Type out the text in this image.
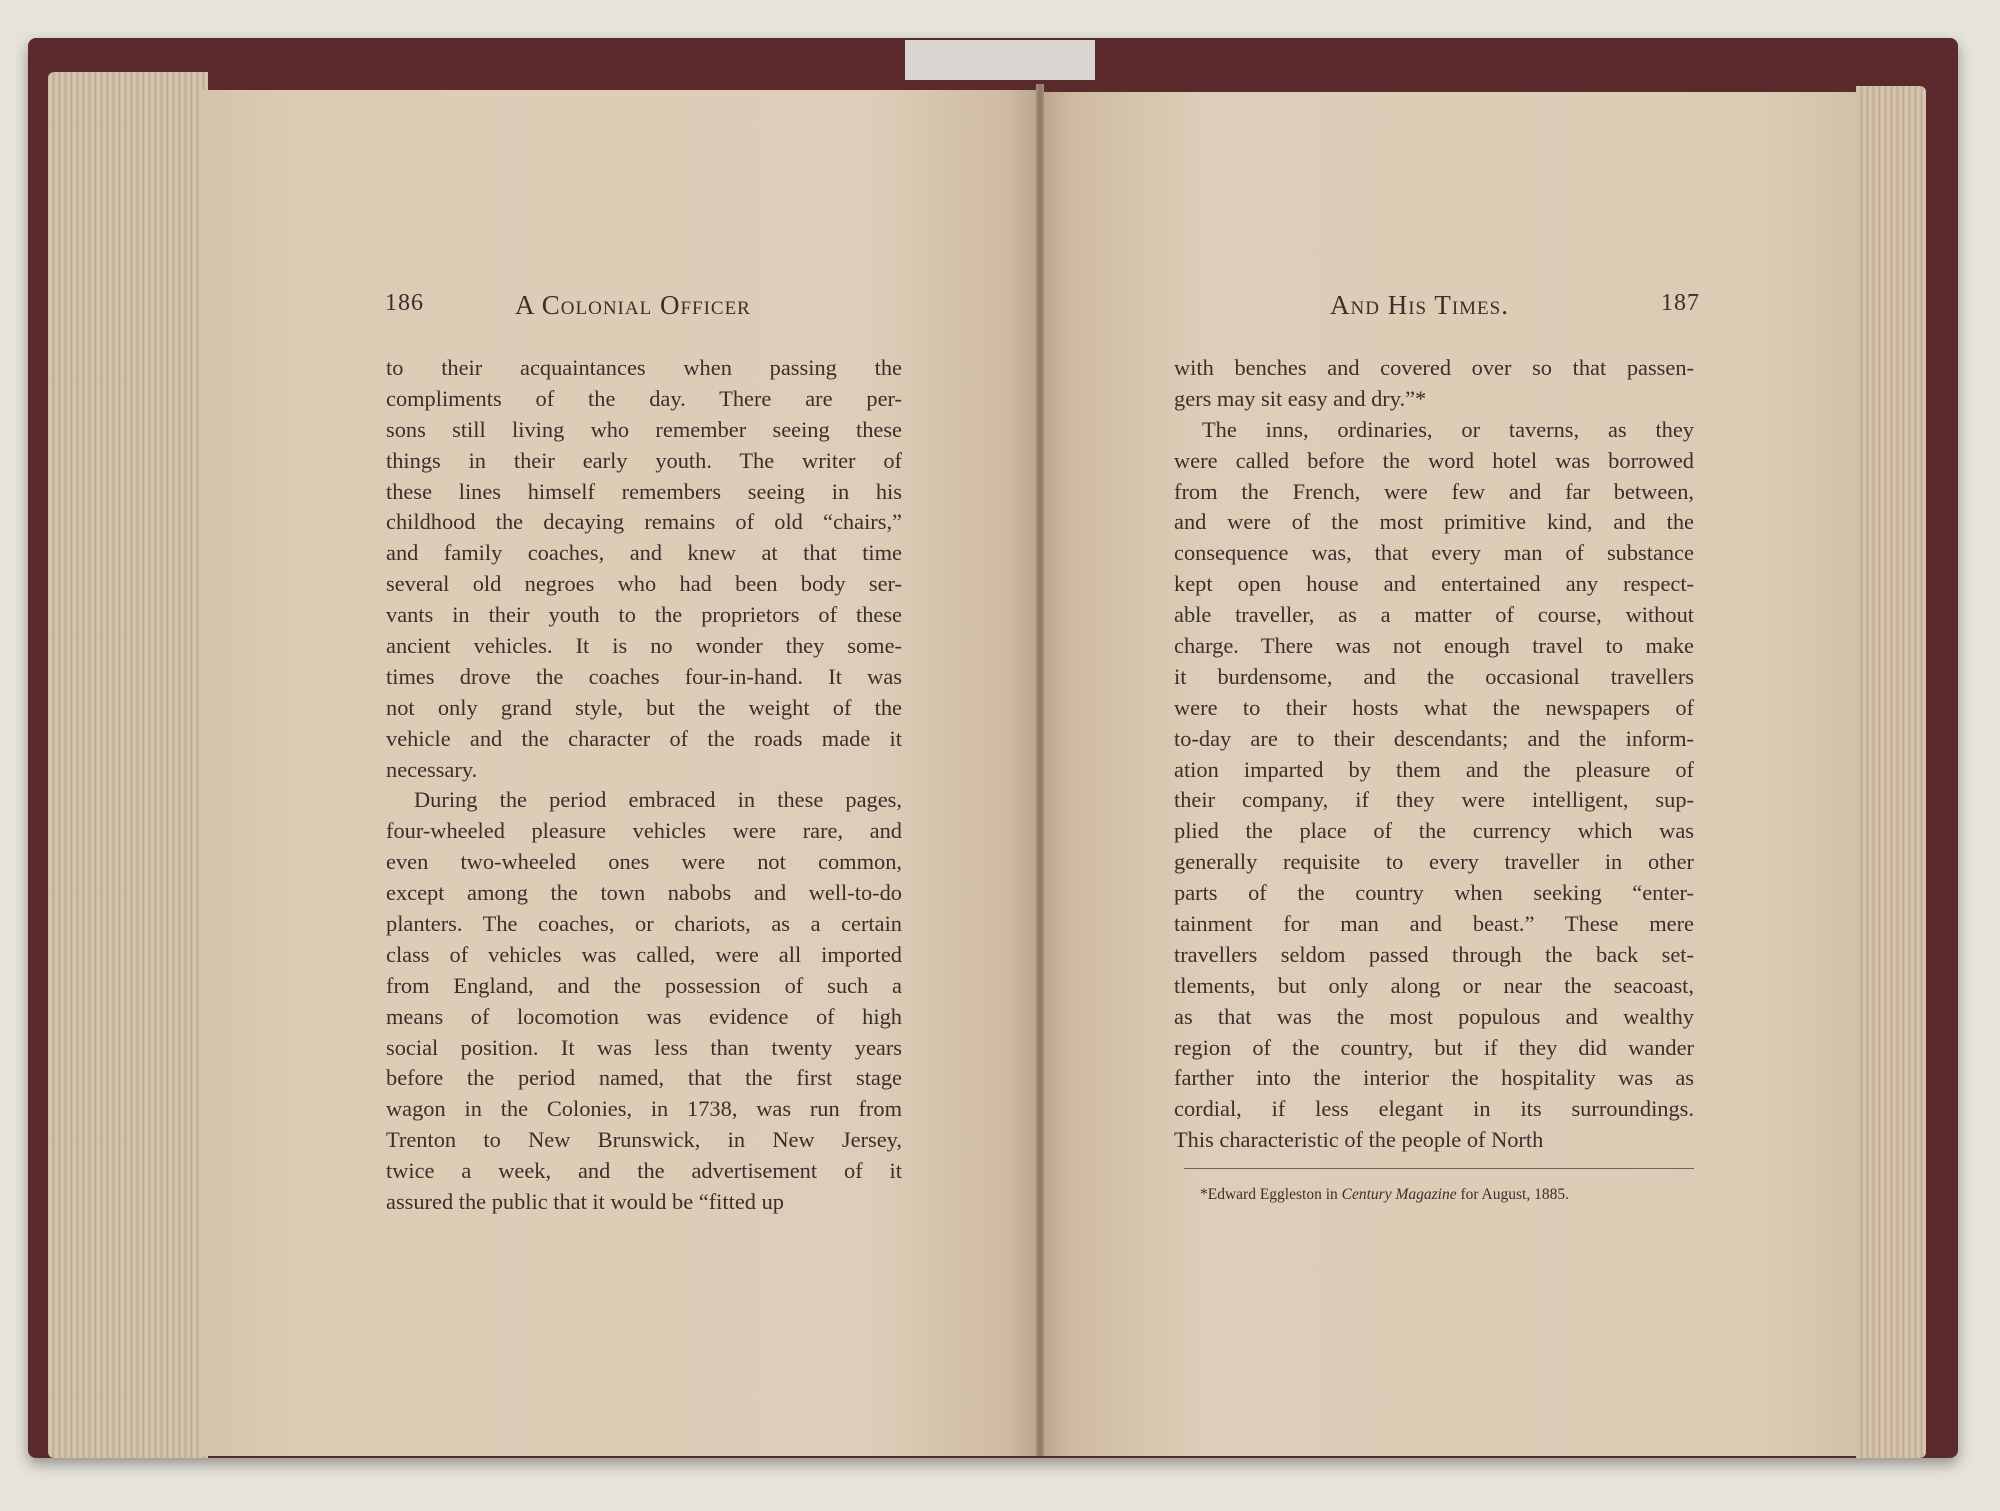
186	A Colonial Officer	And His Times.	187
to their acquaintances when passing the
compliments of the day. There are per-
sons still living who remember seeing these
things in their early youth. The writer of
these lines himself remembers seeing in his
childhood the decaying remains of old “chairs,”
and family coaches, and knew at that time
several old negroes who had been body ser-
vants in their youth to the proprietors of these
ancient vehicles. It is no wonder they some-
times drove the coaches four-in-hand. It was
not only grand style, but the weight of the
vehicle and the character of the roads made it
necessary.
During the period embraced in these pages,
four-wheeled pleasure vehicles were rare, and
even two-wheeled ones were not common,
except among the town nabobs and well-to-do
planters. The coaches, or chariots, as a certain
class of vehicles was called, were all imported
from England, and the possession of such a
means of locomotion was evidence of high
social position. It was less than twenty years
before the period named, that the first stage
wagon in the Colonies, in 1738, was run from
Trenton to New Brunswick, in New Jersey,
twice a week, and the advertisement of it
assured the public that it would be “fitted up
with benches and covered over so that passen-
gers may sit easy and dry.”*
The inns, ordinaries, or taverns, as they
were called before the word hotel was borrowed
from the French, were few and far between,
and were of the most primitive kind, and the
consequence was, that every man of substance
kept open house and entertained any respect-
able traveller, as a matter of course, without
charge. There was not enough travel to make
it burdensome, and the occasional travellers
were to their hosts what the newspapers of
to-day are to their descendants; and the inform-
ation imparted by them and the pleasure of
their company, if they were intelligent, sup-
plied the place of the currency which was
generally requisite to every traveller in other
parts of the country when seeking “enter-
tainment for man and beast.” These mere
travellers seldom passed through the back set-
tlements, but only along or near the seacoast,
as that was the most populous and wealthy
region of the country, but if they did wander
farther into the interior the hospitality was as
cordial, if less elegant in its surroundings.
This characteristic of the people of North
*Edward Eggleston in Century Magazine for August, 1885.
